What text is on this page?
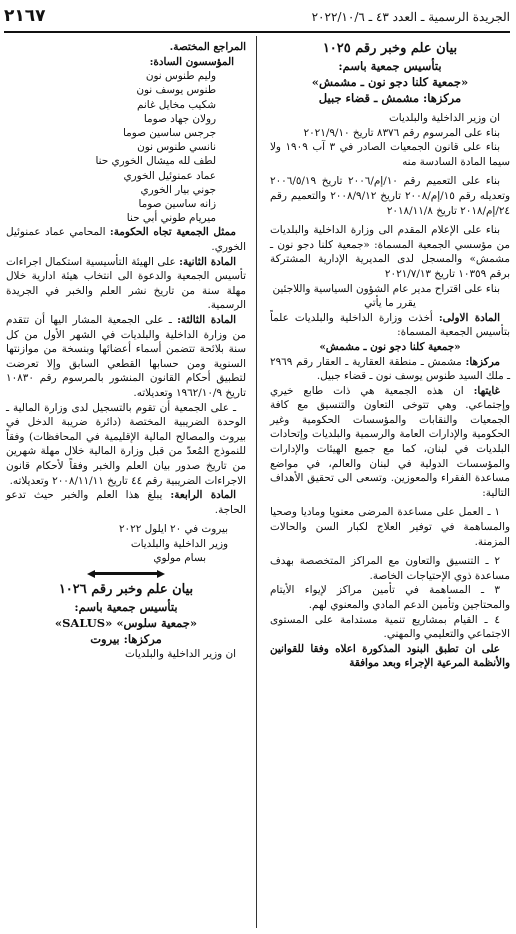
٢١٦٧	الجريدة الرسمية ـ العدد ٤٣ ـ ٢٠٢٢/١٠/٦

بيان علم وخبر رقم ١٠٢٥

بتأسيس جمعية باسم:

«جمعية كلنا دجو نون ـ مشمش»

مركزها: مشمش ـ قضاء جبيل

ان وزير الداخلية والبلديات

بناء على المرسوم رقم ٨٣٧٦ تاريخ ٢٠٢١/٩/١٠

بناء على قانون الجمعيات الصادر في ٣ آب ١٩٠٩ ولا سيما المادة السادسة منه

بناء على التعميم رقم ١٠/إم/٢٠٠٦ تاريخ ٢٠٠٦/٥/١٩ وتعديله رقم ١٥/إم/٢٠٠٨ تاريخ ٢٠٠٨/٩/١٢ والتعميم رقم ٢٤/إم/٢٠١٨ تاريخ ٢٠١٨/١١/٨

بناء على الإعلام المقدم الى وزارة الداخلية والبلديات من مؤسسي الجمعية المسماة: «جمعية كلنا دجو نون ـ مشمش» والمسجل لدى المديرية الإدارية المشتركة برقم ١٠٣٥٩ تاريخ ٢٠٢١/٧/١٣

بناء على اقتراح مدير عام الشؤون السياسية واللاجئين

يقرر ما يأتي

المادة الاولى: أخذت وزارة الداخلية والبلديات علماً بتأسيس الجمعية المسماة:

«جمعية كلنا دجو نون ـ مشمش»

مركزها: مشمش ـ منطقة العقارية ـ العقار رقم ٢٩٦٩ ـ ملك السيد طنوس يوسف نون ـ قضاء جبيل.

غايتها: ان هذه الجمعية هي ذات طابع خيري وإجتماعي. وهي تتوخى التعاون والتنسيق مع كافة الجمعيات والنقابات والمؤسسات الحكومية وغير الحكومية والإدارات العامة والرسمية والبلديات وإتحادات البلديات في لبنان، كما مع جميع الهيئات والإدارات والمؤسسات الدولية في لبنان والعالم، في مواضع مساعدة الفقراء والمعوزين. وتسعى الى تحقيق الأهداف التالية:

١ ـ العمل على مساعدة المرضى معنويا وماديا وصحيا والمساهمة في توفير العلاج لكبار السن والحالات المزمنة.

٢ ـ التنسيق والتعاون مع المراكز المتخصصة بهدف مساعدة ذوي الإحتياجات الخاصة.

٣ ـ المساهمة في تأمين مراكز لإيواء الأيتام والمحتاجين وتأمين الدعم المادي والمعنوي لهم.

٤ ـ القيام بمشاريع تنمية مستدامة على المستوى الاجتماعي والتعليمي والمهني.

على ان تطبق البنود المذكورة اعلاه وفقا للقوانين والأنظمة المرعية الإجراء وبعد موافقة

المراجع المختصة.

المؤسسون السادة:

وليم طنوس نون

طنوس يوسف نون

شكيب مخايل غانم

رولان جهاد صوما

جرجس ساسين صوما

نانسي طنوس نون

لطف لله ميشال الخوري حنا

عماد عمنوئيل الخوري

جوني بيار الخوري

زانه ساسين صوما

ميريام طوني أبي حنا

ممثل الجمعية تجاه الحكومة: المحامي عماد عمنوئيل الخوري.

المادة الثانية: على الهيئة التأسيسية استكمال اجراءات تأسيس الجمعية والدعوة الى انتخاب هيئة ادارية خلال مهلة سنة من تاريخ نشر العلم والخبر في الجريدة الرسمية.

المادة الثالثة: ـ على الجمعية المشار اليها أن تتقدم من وزارة الداخلية والبلديات في الشهر الأول من كل سنة بلائحة تتضمن أسماء أعضائها وبنسخة من موازنتها السنوية ومن حسابها القطعي السابق وإلا تعرضت لتطبيق أحكام القانون المنشور بالمرسوم رقم ١٠٨٣٠ تاريخ ١٩٦٢/١٠/٩ وتعديلاته.

ـ على الجمعية أن تقوم بالتسجيل لدى وزارة المالية ـ الوحدة الضريبية المختصة (دائرة ضريبة الدخل في بيروت والمصالح المالية الإقليمية في المحافظات) وفقاً للنموذج المُعدّ من قبل وزارة المالية خلال مهلة شهرين من تاريخ صدور بيان العلم والخبر وفقاً لأحكام قانون الاجراءات الضريبية رقم ٤٤ تاريخ ٢٠٠٨/١١/١١ وتعديلاته.

المادة الرابعة: يبلغ هذا العلم والخبر حيث تدعو الحاجة.

بيروت في ٢٠ ايلول ٢٠٢٢

وزير الداخلية والبلديات

بسام مولوي

بيان علم وخبر رقم ١٠٢٦

بتأسيس جمعية باسم:

«جمعية سلوس» «SALUS»

مركزها: بيروت

ان وزير الداخلية والبلديات
